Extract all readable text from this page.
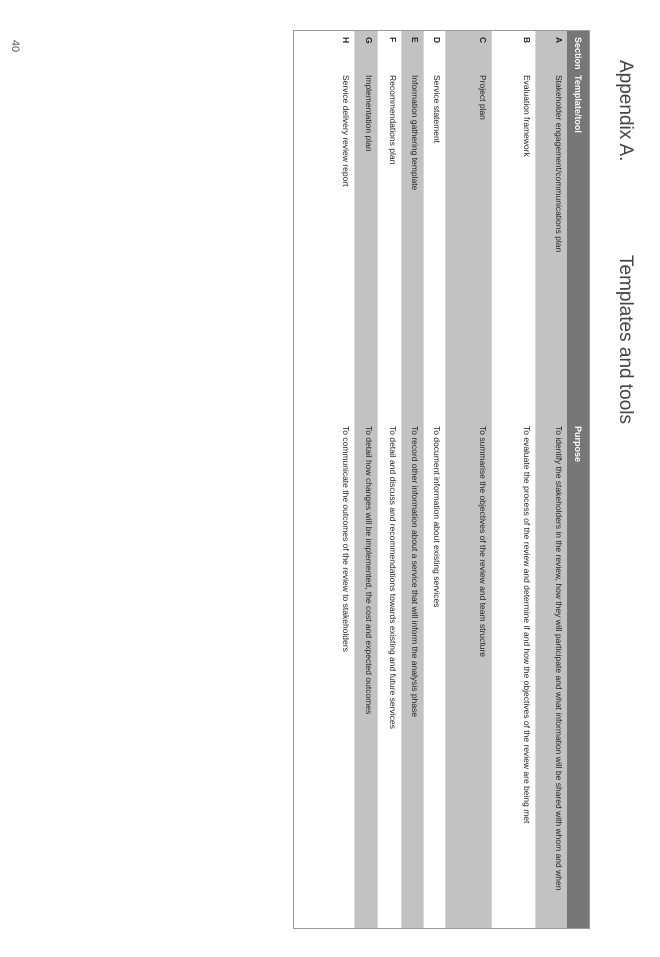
40
Appendix A.
Templates and tools
Section
Template/tool
Purpose
A
Stakeholder engagement/communications plan
To identify the stakeholders in the review, how they will participate and what information will be shared with whom and when
B
Evaluation framework
To evaluate the process of the review and determine if and how the objectives of the review are being met
C
Project plan
To summarise the objectives of the review and team structure
D
Service statement
To document information about existing services
E
Information gathering template
To record other information about a service that will inform the analysis phase
F
Recommendations plan
To detail and discuss and recommendations towards existing and future services
G
Implementation plan
To detail how changes will be implemented, the cost and expected outcomes
H
Service delivery review report
To communicate the outcomes of the review to stakeholders
